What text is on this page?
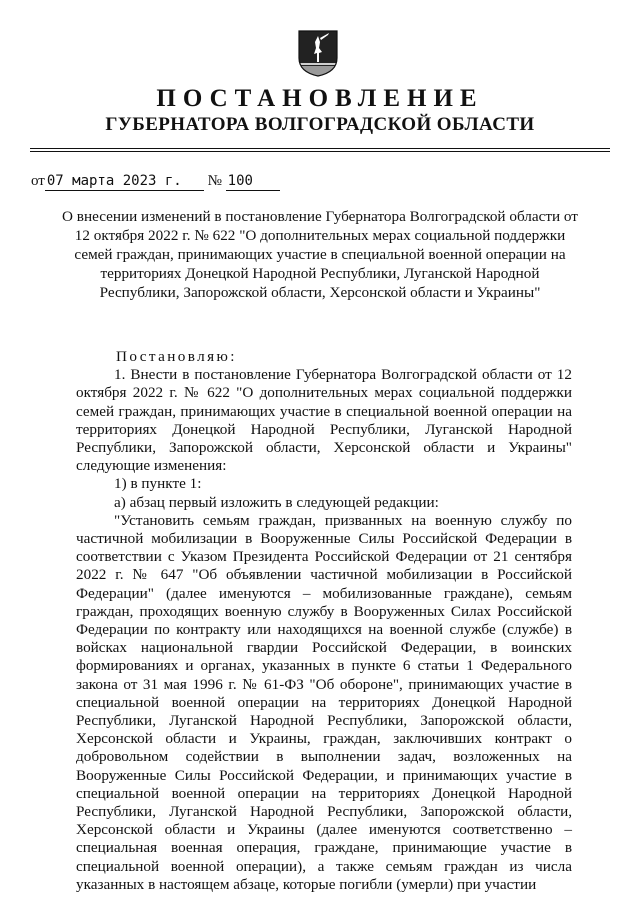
ПОСТАНОВЛЕНИЕ
ГУБЕРНАТОРА ВОЛГОГРАДСКОЙ ОБЛАСТИ
от 07 марта 2023 г. № 100
О внесении изменений в постановление Губернатора Волгоградской области от 12 октября 2022 г. № 622 "О дополнительных мерах социальной поддержки семей граждан, принимающих участие в специальной военной операции на территориях Донецкой Народной Республики, Луганской Народной Республики, Запорожской области, Херсонской области и Украины"

Постановляю:

1. Внести в постановление Губернатора Волгоградской области от 12 октября 2022 г. № 622 "О дополнительных мерах социальной поддержки семей граждан, принимающих участие в специальной военной операции на территориях Донецкой Народной Республики, Луганской Народной Республики, Запорожской области, Херсонской области и Украины" следующие изменения:

1) в пункте 1:

а) абзац первый изложить в следующей редакции:

"Установить семьям граждан, призванных на военную службу по частичной мобилизации в Вооруженные Силы Российской Федерации в соответствии с Указом Президента Российской Федерации от 21 сентября 2022 г. № 647 "Об объявлении частичной мобилизации в Российской Федерации" (далее именуются – мобилизованные граждане), семьям граждан, проходящих военную службу в Вооруженных Силах Российской Федерации по контракту или находящихся на военной службе (службе) в войсках национальной гвардии Российской Федерации, в воинских формированиях и органах, указанных в пункте 6 статьи 1 Федерального закона от 31 мая 1996 г. № 61-ФЗ "Об обороне", принимающих участие в специальной военной операции на территориях Донецкой Народной Республики, Луганской Народной Республики, Запорожской области, Херсонской области и Украины, граждан, заключивших контракт о добровольном содействии в выполнении задач, возложенных на Вооруженные Силы Российской Федерации, и принимающих участие в специальной военной операции на территориях Донецкой Народной Республики, Луганской Народной Республики, Запорожской области, Херсонской области и Украины (далее именуются соответственно – специальная военная операция, граждане, принимающие участие в специальной военной операции), а также семьям граждан из числа указанных в настоящем абзаце, которые погибли (умерли) при участии
